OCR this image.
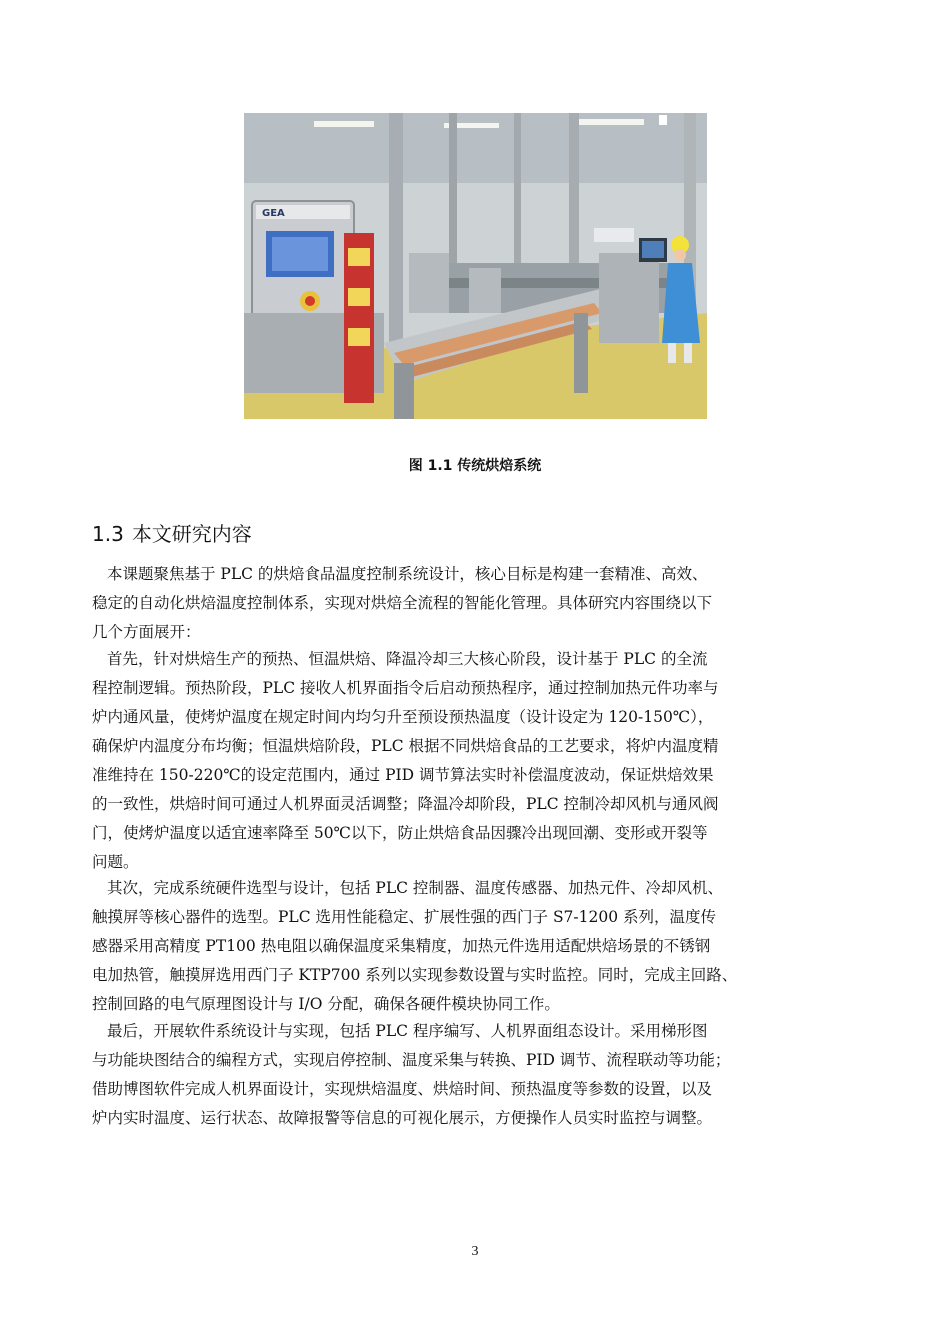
GEA
图 1.1 传统烘焙系统
1.3 本文研究内容
本课题聚焦基于 PLC 的烘焙食品温度控制系统设计，核心目标是构建一套精准、高效、
稳定的自动化烘焙温度控制体系，实现对烘焙全流程的智能化管理。具体研究内容围绕以下
几个方面展开：
首先，针对烘焙生产的预热、恒温烘焙、降温冷却三大核心阶段，设计基于 PLC 的全流
程控制逻辑。预热阶段，PLC 接收人机界面指令后启动预热程序，通过控制加热元件功率与
炉内通风量，使烤炉温度在规定时间内均匀升至预设预热温度（设计设定为 120-150℃），
确保炉内温度分布均衡；恒温烘焙阶段，PLC 根据不同烘焙食品的工艺要求，将炉内温度精
准维持在 150-220℃的设定范围内，通过 PID 调节算法实时补偿温度波动，保证烘焙效果
的一致性，烘焙时间可通过人机界面灵活调整；降温冷却阶段，PLC 控制冷却风机与通风阀
门，使烤炉温度以适宜速率降至 50℃以下，防止烘焙食品因骤冷出现回潮、变形或开裂等
问题。
其次，完成系统硬件选型与设计，包括 PLC 控制器、温度传感器、加热元件、冷却风机、
触摸屏等核心器件的选型。PLC 选用性能稳定、扩展性强的西门子 S7-1200 系列，温度传
感器采用高精度 PT100 热电阻以确保温度采集精度，加热元件选用适配烘焙场景的不锈钢
电加热管，触摸屏选用西门子 KTP700 系列以实现参数设置与实时监控。同时，完成主回路、
控制回路的电气原理图设计与 I/O 分配，确保各硬件模块协同工作。
最后，开展软件系统设计与实现，包括 PLC 程序编写、人机界面组态设计。采用梯形图
与功能块图结合的编程方式，实现启停控制、温度采集与转换、PID 调节、流程联动等功能；
借助博图软件完成人机界面设计，实现烘焙温度、烘焙时间、预热温度等参数的设置，以及
炉内实时温度、运行状态、故障报警等信息的可视化展示，方便操作人员实时监控与调整。
3
